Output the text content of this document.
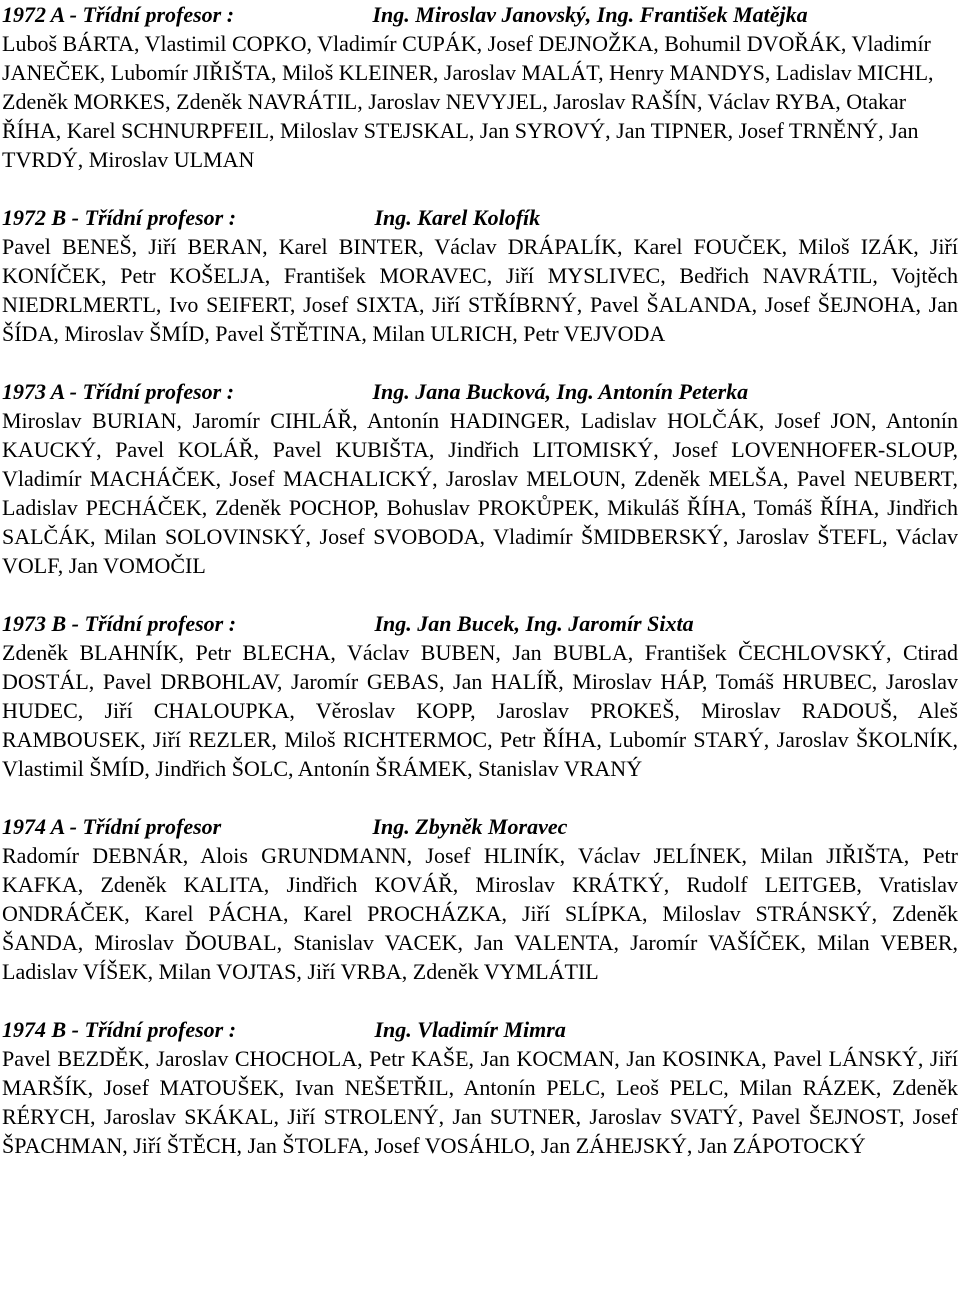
1972 A - Třídní profesor :	Ing. Miroslav Janovský, Ing. František Matějka

Luboš BÁRTA, Vlastimil COPKO, Vladimír CUPÁK, Josef DEJNOŽKA, Bohumil DVOŘÁK, Vladimír JANEČEK, Lubomír JIŘIŠTA, Miloš KLEINER, Jaroslav MALÁT, Henry MANDYS, Ladislav MICHL, Zdeněk MORKES, Zdeněk NAVRÁTIL, Jaroslav NEVYJEL, Jaroslav RAŠÍN, Václav RYBA, Otakar ŘÍHA, Karel SCHNURPFEIL, Miloslav STEJSKAL, Jan SYROVÝ, Jan TIPNER, Josef TRNĚNÝ, Jan TVRDÝ, Miroslav ULMAN

1972 B - Třídní profesor :	Ing. Karel Kolofík

Pavel BENEŠ, Jiří BERAN, Karel BINTER, Václav DRÁPALÍK, Karel FOUČEK, Miloš IZÁK, Jiří KONÍČEK, Petr KOŠELJA, František MORAVEC, Jiří MYSLIVEC, Bedřich NAVRÁTIL, Vojtěch NIEDRLMERTL, Ivo SEIFERT, Josef SIXTA, Jiří STŘÍBRNÝ, Pavel ŠALANDA, Josef ŠEJNOHA, Jan ŠÍDA, Miroslav ŠMÍD, Pavel ŠTĚTINA, Milan ULRICH, Petr VEJVODA

1973 A - Třídní profesor :	Ing. Jana Bucková, Ing. Antonín Peterka

Miroslav BURIAN, Jaromír CIHLÁŘ, Antonín HADINGER, Ladislav HOLČÁK, Josef JON, Antonín KAUCKÝ, Pavel KOLÁŘ, Pavel KUBIŠTA, Jindřich LITOMISKÝ, Josef LOVENHOFER-SLOUP, Vladimír MACHÁČEK, Josef MACHALICKÝ, Jaroslav MELOUN, Zdeněk MELŠA, Pavel NEUBERT, Ladislav PECHÁČEK, Zdeněk POCHOP, Bohuslav PROKŮPEK, Mikuláš ŘÍHA, Tomáš ŘÍHA, Jindřich SALČÁK, Milan SOLOVINSKÝ, Josef SVOBODA, Vladimír ŠMIDBERSKÝ, Jaroslav ŠTEFL, Václav VOLF, Jan VOMOČIL

1973 B - Třídní profesor :	Ing. Jan Bucek, Ing. Jaromír Sixta

Zdeněk BLAHNÍK, Petr BLECHA, Václav BUBEN, Jan BUBLA, František ČECHLOVSKÝ, Ctirad DOSTÁL, Pavel DRBOHLAV, Jaromír GEBAS, Jan HALÍŘ, Miroslav HÁP, Tomáš HRUBEC, Jaroslav HUDEC, Jiří CHALOUPKA, Věroslav KOPP, Jaroslav PROKEŠ, Miroslav RADOUŠ, Aleš RAMBOUSEK, Jiří REZLER, Miloš RICHTERMOC, Petr ŘÍHA, Lubomír STARÝ, Jaroslav ŠKOLNÍK, Vlastimil ŠMÍD, Jindřich ŠOLC, Antonín ŠRÁMEK, Stanislav VRANÝ

1974 A - Třídní profesor	Ing. Zbyněk Moravec

Radomír DEBNÁR, Alois GRUNDMANN, Josef HLINÍK, Václav JELÍNEK, Milan JIŘIŠTA, Petr KAFKA, Zdeněk KALITA, Jindřich KOVÁŘ, Miroslav KRÁTKÝ, Rudolf LEITGEB, Vratislav ONDRÁČEK, Karel PÁCHA, Karel PROCHÁZKA, Jiří SLÍPKA, Miloslav STRÁNSKÝ, Zdeněk ŠANDA, Miroslav ĎOUBAL, Stanislav VACEK, Jan VALENTA, Jaromír VAŠÍČEK, Milan VEBER, Ladislav VÍŠEK, Milan VOJTAS, Jiří VRBA, Zdeněk VYMLÁTIL

1974 B - Třídní profesor :	Ing. Vladimír Mimra

Pavel BEZDĚK, Jaroslav CHOCHOLA, Petr KAŠE, Jan KOCMAN, Jan KOSINKA, Pavel LÁNSKÝ, Jiří MARŠÍK, Josef MATOUŠEK, Ivan NEŠETŘIL, Antonín PELC, Leoš PELC, Milan RÁZEK, Zdeněk RÉRYCH, Jaroslav SKÁKAL, Jiří STROLENÝ, Jan SUTNER, Jaroslav SVATÝ, Pavel ŠEJNOST, Josef ŠPACHMAN, Jiří ŠTĚCH, Jan ŠTOLFA, Josef VOSÁHLO, Jan ZÁHEJSKÝ, Jan ZÁPOTOCKÝ
